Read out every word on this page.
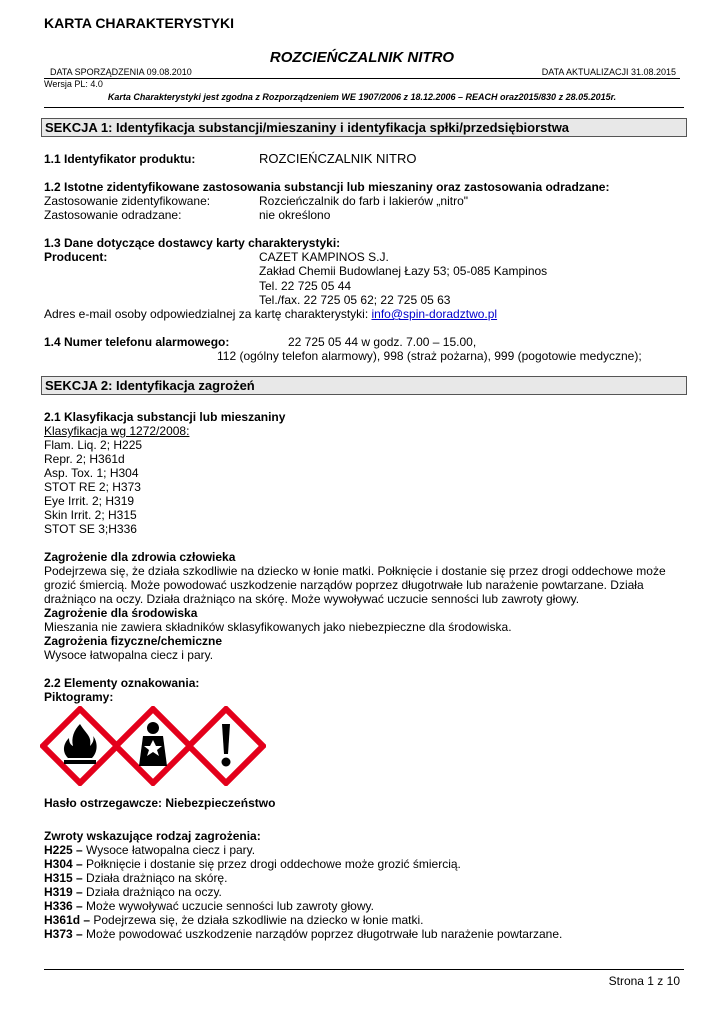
KARTA CHARAKTERYSTYKI
ROZCIEŃCZALNIK NITRO
DATA SPORZĄDZENIA 09.08.2010	DATA AKTUALIZACJI 31.08.2015
Wersja PL: 4.0
Karta Charakterystyki jest zgodna z Rozporządzeniem WE 1907/2006 z 18.12.2006 – REACH oraz2015/830 z 28.05.2015r.
SEKCJA 1: Identyfikacja substancji/mieszaniny i identyfikacja spłki/przedsiębiorstwa
1.1 Identyfikator produktu:	ROZCIEŃCZALNIK NITRO
1.2 Istotne zidentyfikowane zastosowania substancji lub mieszaniny oraz zastosowania odradzane:
Zastosowanie zidentyfikowane:	Rozcieńczalnik do farb i lakierów „nitro"
Zastosowanie odradzane:	nie określono
1.3 Dane dotyczące dostawcy karty charakterystyki:
Producent:	CAZET KAMPINOS S.J.
Zakład Chemii Budowlanej Łazy 53; 05-085 Kampinos
Tel. 22 725 05 44
Tel./fax. 22 725 05 62; 22 725 05 63
Adres e-mail osoby odpowiedzialnej za kartę charakterystyki: info@spin-doradztwo.pl
1.4 Numer telefonu alarmowego:	22 725 05 44 w godz. 7.00 – 15.00,
112 (ogólny telefon alarmowy), 998 (straż pożarna), 999 (pogotowie medyczne);
SEKCJA 2: Identyfikacja zagrożeń
2.1 Klasyfikacja substancji lub mieszaniny
Klasyfikacja wg 1272/2008:
Flam. Liq. 2; H225
Repr. 2; H361d
Asp. Tox. 1; H304
STOT RE 2; H373
Eye Irrit. 2; H319
Skin Irrit. 2; H315
STOT SE 3;H336
Zagrożenie dla zdrowia człowieka
Podejrzewa się, że działa szkodliwie na dziecko w łonie matki. Połknięcie i dostanie się przez drogi oddechowe może grozić śmiercią. Może powodować uszkodzenie narządów poprzez długotrwałe lub narażenie powtarzane. Działa drażniąco na oczy. Działa drażniąco na skórę. Może wywoływać uczucie senności lub zawroty głowy.
Zagrożenie dla środowiska
Mieszania nie zawiera składników sklasyfikowanych jako niebezpieczne dla środowiska.
Zagrożenia fizyczne/chemiczne
Wysoce łatwopalna ciecz i pary.
2.2 Elementy oznakowania:
Piktogramy:
Hasło ostrzegawcze: Niebezpieczeństwo
Zwroty wskazujące rodzaj zagrożenia:
H225 – Wysoce łatwopalna ciecz i pary.
H304 – Połknięcie i dostanie się przez drogi oddechowe może grozić śmiercią.
H315 – Działa drażniąco na skórę.
H319 – Działa drażniąco na oczy.
H336 – Może wywoływać uczucie senności lub zawroty głowy.
H361d – Podejrzewa się, że działa szkodliwie na dziecko w łonie matki.
H373 – Może powodować uszkodzenie narządów poprzez długotrwałe lub narażenie powtarzane.
Strona 1 z 10
